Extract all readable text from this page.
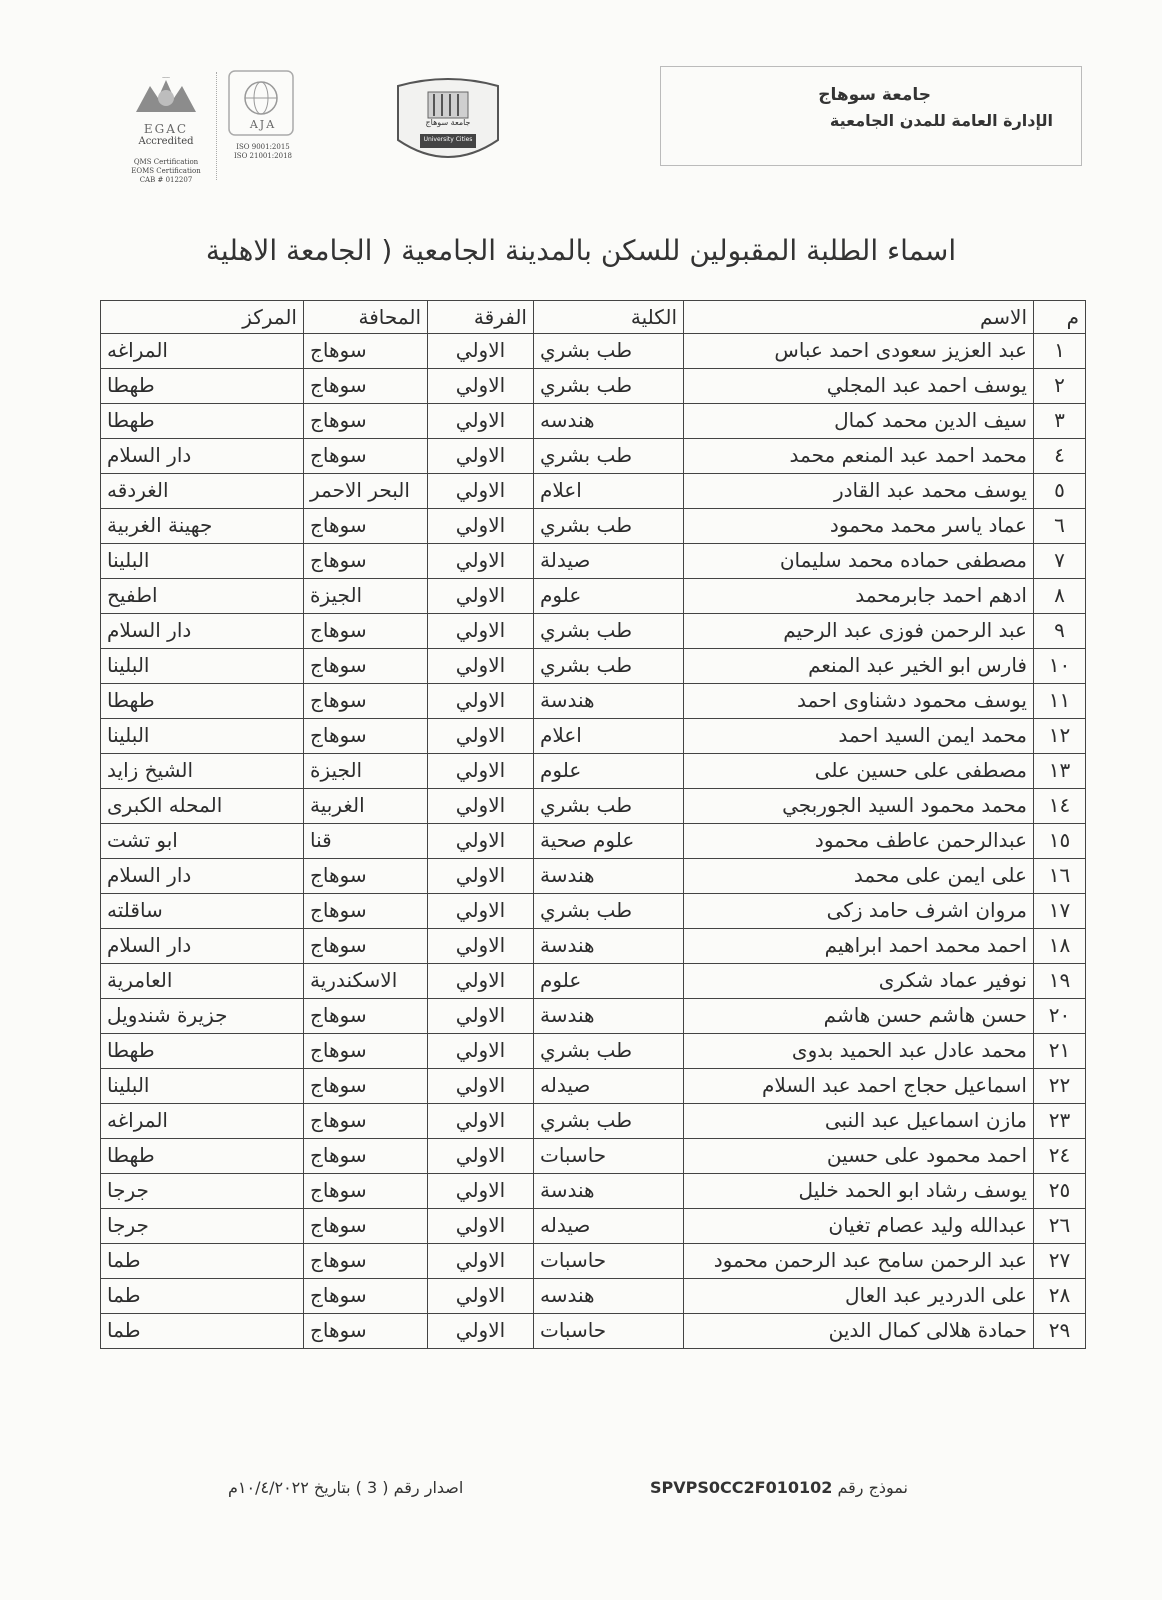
ـــــ
EGAC
Accredited
QMS Certification
EOMS Certification
CAB # 012207
AJA
ISO 9001:2015
ISO 21001:2018
جامعة سوهاج
University Cities
جامعة سوهاج
الإدارة العامة للمدن الجامعية
اسماء الطلبة المقبولين للسكن بالمدينة الجامعية ( الجامعة الاهلية
م	الاسم	الكلية	الفرقة	المحافة	المركز
١	عبد العزيز سعودى احمد عباس	طب بشري	الاولي	سوهاج	المراغه
٢	يوسف احمد عبد المجلي	طب بشري	الاولي	سوهاج	طهطا
٣	سيف الدين محمد كمال	هندسه	الاولي	سوهاج	طهطا
٤	محمد احمد عبد المنعم محمد	طب بشري	الاولي	سوهاج	دار السلام
٥	يوسف محمد عبد القادر	اعلام	الاولي	البحر الاحمر	الغردقه
٦	عماد ياسر محمد محمود	طب بشري	الاولي	سوهاج	جهينة الغربية
٧	مصطفى حماده محمد سليمان	صيدلة	الاولي	سوهاج	البلينا
٨	ادهم احمد جابرمحمد	علوم	الاولي	الجيزة	اطفيح
٩	عبد الرحمن فوزى عبد الرحيم	طب بشري	الاولي	سوهاج	دار السلام
١٠	فارس ابو الخير عبد المنعم	طب بشري	الاولي	سوهاج	البلينا
١١	يوسف محمود دشناوى احمد	هندسة	الاولي	سوهاج	طهطا
١٢	محمد ايمن السيد احمد	اعلام	الاولي	سوهاج	البلينا
١٣	مصطفى على حسين على	علوم	الاولي	الجيزة	الشيخ زايد
١٤	محمد محمود السيد الجوربجي	طب بشري	الاولي	الغربية	المحله الكبرى
١٥	عبدالرحمن عاطف محمود	علوم صحية	الاولي	قنا	ابو تشت
١٦	على ايمن على محمد	هندسة	الاولي	سوهاج	دار السلام
١٧	مروان اشرف حامد زكى	طب بشري	الاولي	سوهاج	ساقلته
١٨	احمد محمد احمد ابراهيم	هندسة	الاولي	سوهاج	دار السلام
١٩	نوفير عماد شكرى	علوم	الاولي	الاسكندرية	العامرية
٢٠	حسن هاشم حسن هاشم	هندسة	الاولي	سوهاج	جزيرة شندويل
٢١	محمد عادل عبد الحميد بدوى	طب بشري	الاولي	سوهاج	طهطا
٢٢	اسماعيل حجاج احمد عبد السلام	صيدله	الاولي	سوهاج	البلينا
٢٣	مازن اسماعيل عبد النبى	طب بشري	الاولي	سوهاج	المراغه
٢٤	احمد محمود على حسين	حاسبات	الاولي	سوهاج	طهطا
٢٥	يوسف رشاد ابو الحمد خليل	هندسة	الاولي	سوهاج	جرجا
٢٦	عبدالله وليد عصام تغيان	صيدله	الاولي	سوهاج	جرجا
٢٧	عبد الرحمن سامح عبد الرحمن محمود	حاسبات	الاولي	سوهاج	طما
٢٨	على الدردير عبد العال	هندسه	الاولي	سوهاج	طما
٢٩	حمادة هلالى كمال الدين	حاسبات	الاولي	سوهاج	طما
نموذج رقم SPVPS0CC2F010102
اصدار رقم ( 3 ) بتاريخ ١٠/٤/٢٠٢٢م
